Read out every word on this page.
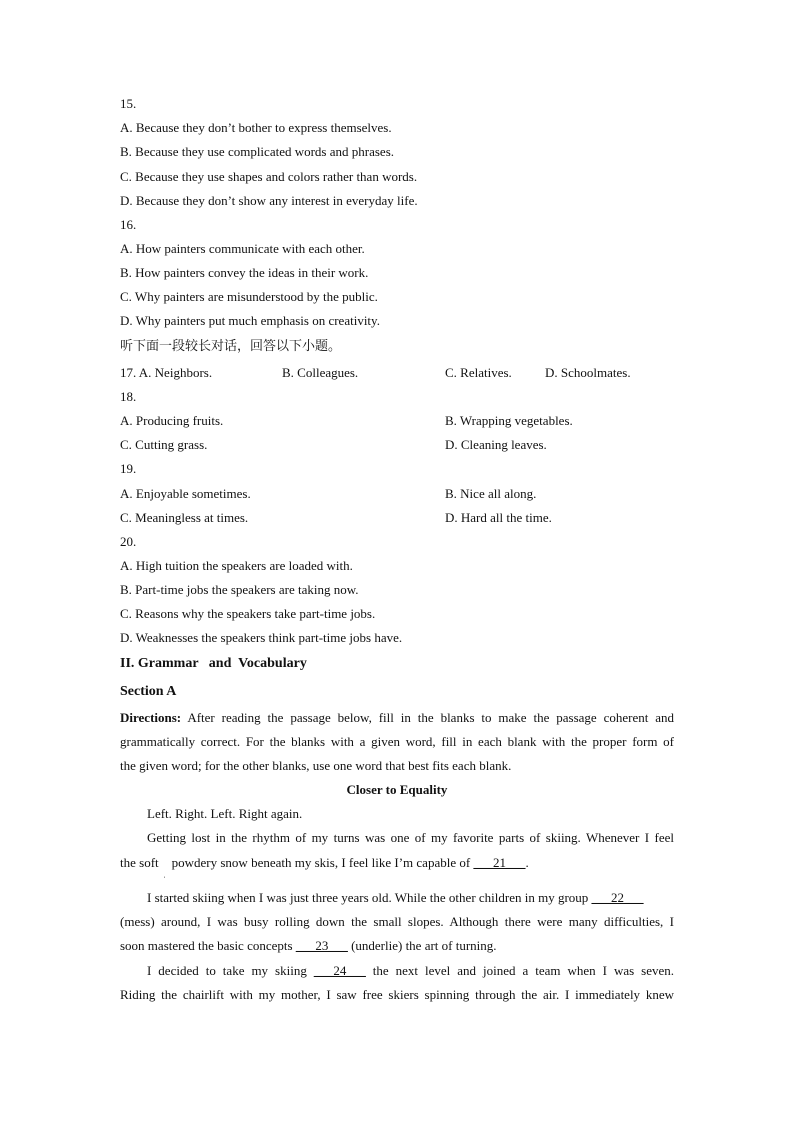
15.
A. Because they don’t bother to express themselves.
B. Because they use complicated words and phrases.
C. Because they use shapes and colors rather than words.
D. Because they don’t show any interest in everyday life.
16.
A. How painters communicate with each other.
B. How painters convey the ideas in their work.
C. Why painters are misunderstood by the public.
D. Why painters put much emphasis on creativity.
听下面一段较长对话，回答以下小题。
17. A. Neighbors.	B. Colleagues.	C. Relatives.	D. Schoolmates.
18.
A. Producing fruits.	B. Wrapping vegetables.
C. Cutting grass.	D. Cleaning leaves.
19.
A. Enjoyable sometimes.	B. Nice all along.
C. Meaningless at times.	D. Hard all the time.
20.
A. High tuition the speakers are loaded with.
B. Part-time jobs the speakers are taking now.
C. Reasons why the speakers take part-time jobs.
D. Weaknesses the speakers think part-time jobs have.
II. Grammar   and  Vocabulary
Section A
Directions: After reading the passage below, fill in the blanks to make the passage coherent and
grammatically correct. For the blanks with a given word, fill in each blank with the proper form of
the given word; for the other blanks, use one word that best fits each blank.
Closer to Equality
Left. Right. Left. Right again.
Getting lost in the rhythm of my turns was one of my favorite parts of skiing. Whenever I feel
the soft powdery snow beneath my skis, I feel like I’m capable of ___21___.
ˌ
I started skiing when I was just three years old. While the other children in my group ___22___
(mess) around, I was busy rolling down the small slopes. Although there were many difficulties, I
soon mastered the basic concepts ___23___ (underlie) the art of turning.
I decided to take my skiing ___24___ the next level and joined a team when I was seven.
Riding the chairlift with my mother, I saw free skiers spinning through the air. I immediately knew
